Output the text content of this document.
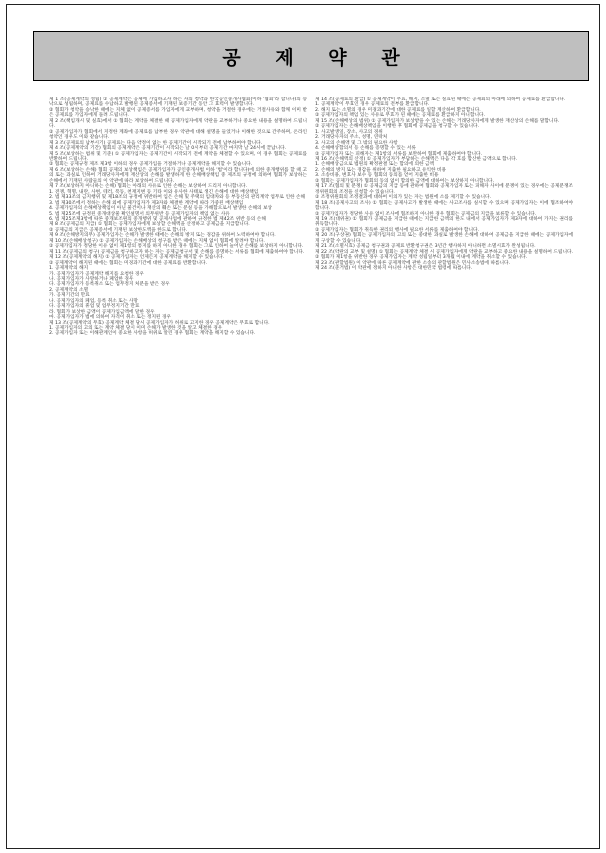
공 제 약 관

제 1 조(공제계약의 성립) ① 공제계약은 공제에 가입하고자 하는 자의 청약과 한국공인중개사협회(이하 '협회'라 합니다)의 승낙으로 성립하며, 공제료를 수납하고 발행된 공제증서에 기재된 보증기간 동안 그 효력이 발생합니다.

② 협회가 청약을 승낙한 때에는 지체 없이 공제증서를 가입자에게 교부하며, 청약을 거절한 경우에는 거절사유와 함께 이미 받은 공제료를 가입자에게 돌려 드립니다.

제 2 조(책임개시 및 실효)에서 ① 협회는 계약을 체결한 때 공제가입자에게 약관을 교부하거나 중요한 내용을 설명하여 드립니다.

② 공제가입자가 협회에서 지정한 계좌에 공제료를 납부한 경우 약관에 대해 설명을 들었거나 이해한 것으로 간주하며, 온라인 청약인 경우도 이와 같습니다.

제 3 조(공제료의 납부시기) 공제료는 다음 약정이 없는 한 공제기간이 시작되기 전에 납부하여야 합니다.

제 4 조(공제계약의 기간) 협회의 공제계약은 공제기간이 시작되는 날 0시부터 공제기간 마지막 날 24시에 끝납니다.

제 5 조(보상하는 범위 및 기준) ① 공제가입자는 공제기간이 시작되기 전에 계약을 체결할 수 있으며, 이 경우 협회는 공제료를 반환하여 드립니다.

② 협회는 공제규정 제조 제3항 이하의 경우 공제가입을 거절하거나 공제계약을 해지할 수 있습니다.

제 6 조(보상하는 손해) 협회 공제의 보상책임은 공제가입자가 공인중개사법 이하 '법'이라 합니다)에 의한 중개행위를 할 때 고의 또는 과실로 인하여 거래당사자에게 재산상의 손해를 발생하게 한 손해배상책임 중 제조의 규정에 의하여 협회가 보상하는 손해에서 기재된 사람들의 이 약관에 따라 보상하여 드립니다.

제 7 조(보상하지 아니하는 손해) 협회는 아래의 사유로 인한 손해는 보상하여 드리지 아니합니다.

1. 전쟁, 혁명, 내란, 사변, 테러, 폭동, 천재지변 등 기타 이와 유사한 사태로 생긴 손해에 대한 배상책임

2. 법 제33조의 금지행위 및 제18조의 규정에 위반하여 입은 손해 및 주택의 임대차와 등 부동산의 관리계약 업무로 인한 손해

3. 법 제30조에서 정하는 손해 외에 공제가입자가 제3자와 체결한 계약에 따라 가중된 배상책임

4. 공제가입자의 손해배상책임이 아닌 물건이나 재산의 훼손 또는 분실 등을 가해함으로서 발생한 손해의 보상

5. 법 제25조에 규정된 중개대상물 확인설명서 의무위반 등 공제가입자의 책임 없는 사유

6. 법 제25조제3항에 따른 중개보조원의 중개행위 및 공제사업에 관하여 규정한 법 제42조 위반 등의 손해

제 8 조(공제금의 지급) ① 협회는 공제가입자에게 보상할 손해액을 산정하고 공제금을 지급합니다.

② 공제금의 지급은 공제증서에 기재된 보상한도액을 한도로 합니다.

제 9 조(손해방지의무) 공제가입자는 손해가 발생한 때에는 손해의 방지 또는 경감을 위하여 노력하여야 합니다.

제 10 조(손해배상청구) ① 공제가입자는 손해배상의 청구를 받은 때에는 지체 없이 협회에 알려야 합니다.

② 공제가입자가 정당한 이유 없이 제1항의 통지를 하지 아니한 경우 협회는 그로 인하여 늘어난 손해를 보상하지 아니합니다.

제 11 조(공제금의 청구) 공제금을 청구하고자 하는 자는 공제금청구서 및 손해를 증명하는 서류를 협회에 제출하여야 합니다.

제 12 조(공제계약의 해지) ① 공제가입자는 언제든지 공제계약을 해지할 수 있습니다.

② 공제계약이 해지된 때에는 협회는 미경과기간에 대한 공제료를 반환합니다.

1. 공제계약의 해지

가. 공제가입자가 공제계약 해지를 요청한 경우

나. 공제가입자가 사망하거나 폐업한 경우

다. 공제가입자가 등록취소 또는 업무정지 처분을 받은 경우

2. 공제계약의 소멸

가. 공제기간의 만료

나. 공제가입자의 폐업, 등록 취소 또는 사망

다. 공제가입자의 휴업 및 업무정지기간 만료

라. 협회가 보상한 금액이 공제가입금액에 달한 경우

마. 공제가입자가 법에 의하여 자격이 취소 또는 정지된 경우

제 13 조(공제계약의 무효) 공제계약 체결 당시 공제가입자가 허위로 고지한 경우 공제계약은 무효로 합니다.

1. 공제가입자의 고의 또는 계약 체결 당시 이미 손해가 발생한 것을 알고 체결한 경우

2. 공제가입자 또는 이해관계인이 중요한 사항을 허위로 알린 경우 협회는 계약을 해지할 수 있습니다.

제 14 조(공제료의 환급) ① 공제계약이 무효, 해지, 소멸 또는 실효된 때에는 공제회의 아래에 의하여 공제료를 환급합니다.

1. 공제계약이 무효인 경우 공제료의 전부를 환급합니다.

2. 해지 또는 소멸의 경우 미경과기간에 대한 공제료를 일할 계산하여 환급합니다.

② 공제가입자의 책임 있는 사유로 무효가 된 때에는 공제료를 환급하지 아니합니다.

제 15 조(손해배상의 범위) ① 공제가입자가 보상받을 수 있는 손해는 거래당사자에게 발생한 재산상의 손해를 말합니다.

② 공제가입자는 손해배상책임을 이행한 후 협회에 공제금을 청구할 수 있습니다.

1. 사고발생일, 장소, 사고의 경위

2. 거래당사자의 주소, 성명, 연락처

3. 사고의 손해액 및 그 밖의 필요한 사항

4. 손해배상합의서 등 손해를 증명할 수 있는 서류

② 공제가입자 또는 피해자는 제1항의 서류를 보완하여 협회에 제출하여야 합니다.

제 16 조(손해액의 산정) ① 공제가입자가 부담하는 손해액은 다음 각 호를 합산한 금액으로 합니다.

1. 손해배상금으로 법원의 확정판결 또는 합의에 의한 금액

2. 손해의 방지 또는 경감을 위하여 지출한 필요하고 유익한 비용

3. 소송비용, 변호사 보수 등 협회의 동의를 얻어 지출한 비용

② 협회는 공제가입자가 협회의 동의 없이 합의한 금액에 대하여는 보상하지 아니합니다.

제 17 조(협의 및 분쟁) ① 공제금의 지급 등에 관하여 협회와 공제가입자 또는 피해자 사이에 분쟁이 있는 경우에는 공제분쟁조정위원회의 조정을 신청할 수 있습니다.

② 조정위원회의 조정결과에 대하여 이의가 있는 자는 법원에 소를 제기할 수 있습니다.

제 18 조(공제사고의 조사) ① 협회는 공제사고가 발생한 때에는 사고조사를 실시할 수 있으며 공제가입자는 이에 협조하여야 합니다.

② 공제가입자가 정당한 사유 없이 조사에 협조하지 아니한 경우 협회는 공제금의 지급을 보류할 수 있습니다.

제 19 조(대위권) ① 협회가 공제금을 지급한 때에는 지급한 금액의 한도 내에서 공제가입자가 제3자에 대하여 가지는 권리를 취득합니다.

② 공제가입자는 협회가 취득한 권리의 행사에 필요한 서류를 제출하여야 합니다.

제 20 조(구상권) 협회는 공제가입자의 고의 또는 중대한 과실로 발생한 손해에 대하여 공제금을 지급한 때에는 공제가입자에게 구상할 수 있습니다.

제 21 조(소멸시효) 공제금 청구권과 공제료 반환청구권은 3년간 행사하지 아니하면 소멸시효가 완성됩니다.

제 22 조(약관의 교부 및 설명) ① 협회는 공제계약 체결 시 공제가입자에게 약관을 교부하고 중요한 내용을 설명하여 드립니다.

② 협회가 제1항을 위반한 경우 공제가입자는 계약 성립일부터 3개월 이내에 계약을 취소할 수 있습니다.

제 23 조(관할법원) 이 약관에 따른 공제계약에 관한 소송의 관할법원은 민사소송법에 따릅니다.

제 24 조(준거법) 이 약관에 정하지 아니한 사항은 대한민국 법령에 따릅니다.
